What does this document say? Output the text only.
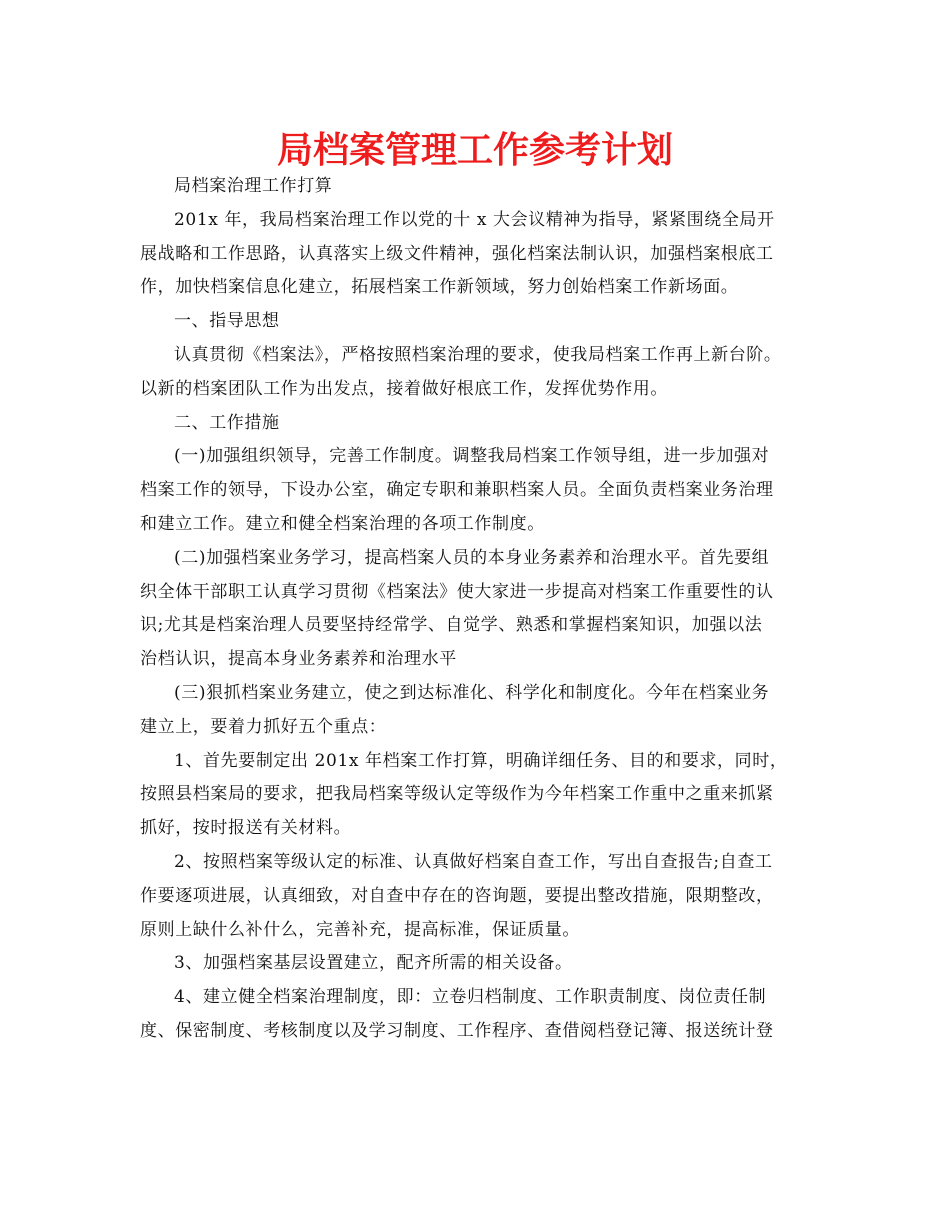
局档案管理工作参考计划
局档案治理工作打算
201x 年，我局档案治理工作以党的十 x 大会议精神为指导，紧紧围绕全局开
展战略和工作思路，认真落实上级文件精神，强化档案法制认识，加强档案根底工
作，加快档案信息化建立，拓展档案工作新领域，努力创始档案工作新场面。
一、指导思想
认真贯彻《档案法》，严格按照档案治理的要求，使我局档案工作再上新台阶。
以新的档案团队工作为出发点，接着做好根底工作，发挥优势作用。
二、工作措施
(一)加强组织领导，完善工作制度。调整我局档案工作领导组，进一步加强对
档案工作的领导，下设办公室，确定专职和兼职档案人员。全面负责档案业务治理
和建立工作。建立和健全档案治理的各项工作制度。
(二)加强档案业务学习，提高档案人员的本身业务素养和治理水平。首先要组
织全体干部职工认真学习贯彻《档案法》使大家进一步提高对档案工作重要性的认
识;尤其是档案治理人员要坚持经常学、自觉学、熟悉和掌握档案知识，加强以法
治档认识，提高本身业务素养和治理水平
(三)狠抓档案业务建立，使之到达标准化、科学化和制度化。今年在档案业务
建立上，要着力抓好五个重点：
1、首先要制定出 201x 年档案工作打算，明确详细任务、目的和要求，同时，
按照县档案局的要求，把我局档案等级认定等级作为今年档案工作重中之重来抓紧
抓好，按时报送有关材料。
2、按照档案等级认定的标准、认真做好档案自查工作，写出自查报告;自查工
作要逐项进展，认真细致，对自查中存在的咨询题，要提出整改措施，限期整改，
原则上缺什么补什么，完善补充，提高标准，保证质量。
3、加强档案基层设置建立，配齐所需的相关设备。
4、建立健全档案治理制度，即：立卷归档制度、工作职责制度、岗位责任制
度、保密制度、考核制度以及学习制度、工作程序、查借阅档登记簿、报送统计登
